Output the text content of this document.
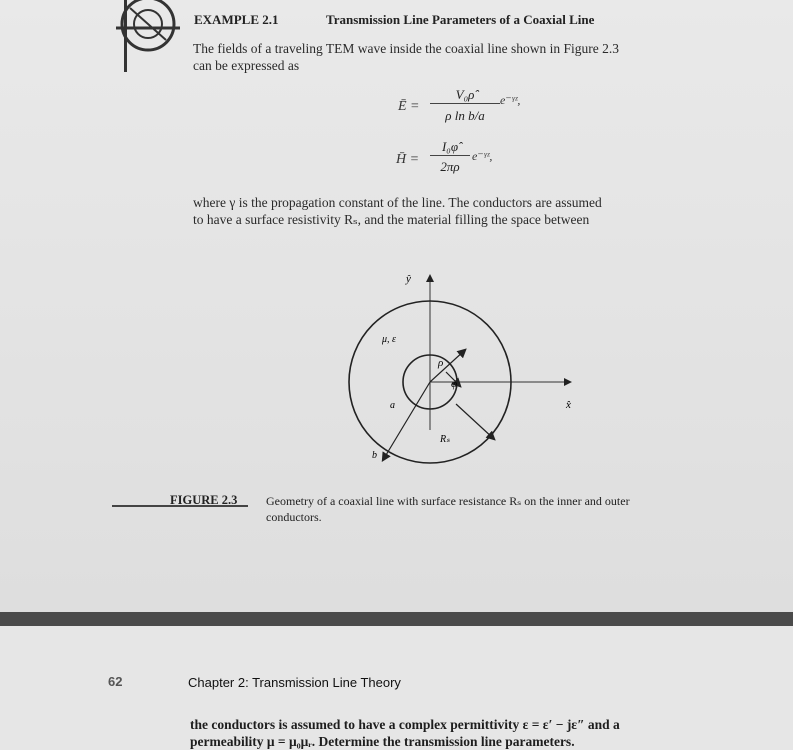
EXAMPLE 2.1	Transmission Line Parameters of a Coaxial Line
The fields of a traveling TEM wave inside the coaxial line shown in Figure 2.3
can be expressed as
Ē =
V₀ρ̂
ρ ln b/a
e⁻ᵞᶻ,
H̄ =
I₀φ̂
2πρ
e⁻ᵞᶻ,
where γ is the propagation constant of the line. The conductors are assumed
to have a surface resistivity Rₛ, and the material filling the space between
ŷ
x̂
μ, ε
ρ
φ
a
b
Rₛ
FIGURE 2.3 Geometry of a coaxial line with surface resistance Rₛ on the inner and outer
conductors.
62	Chapter 2: Transmission Line Theory
the conductors is assumed to have a complex permittivity ε = ε′ − jε″ and a
permeability μ = μ₀μᵣ. Determine the transmission line parameters.
